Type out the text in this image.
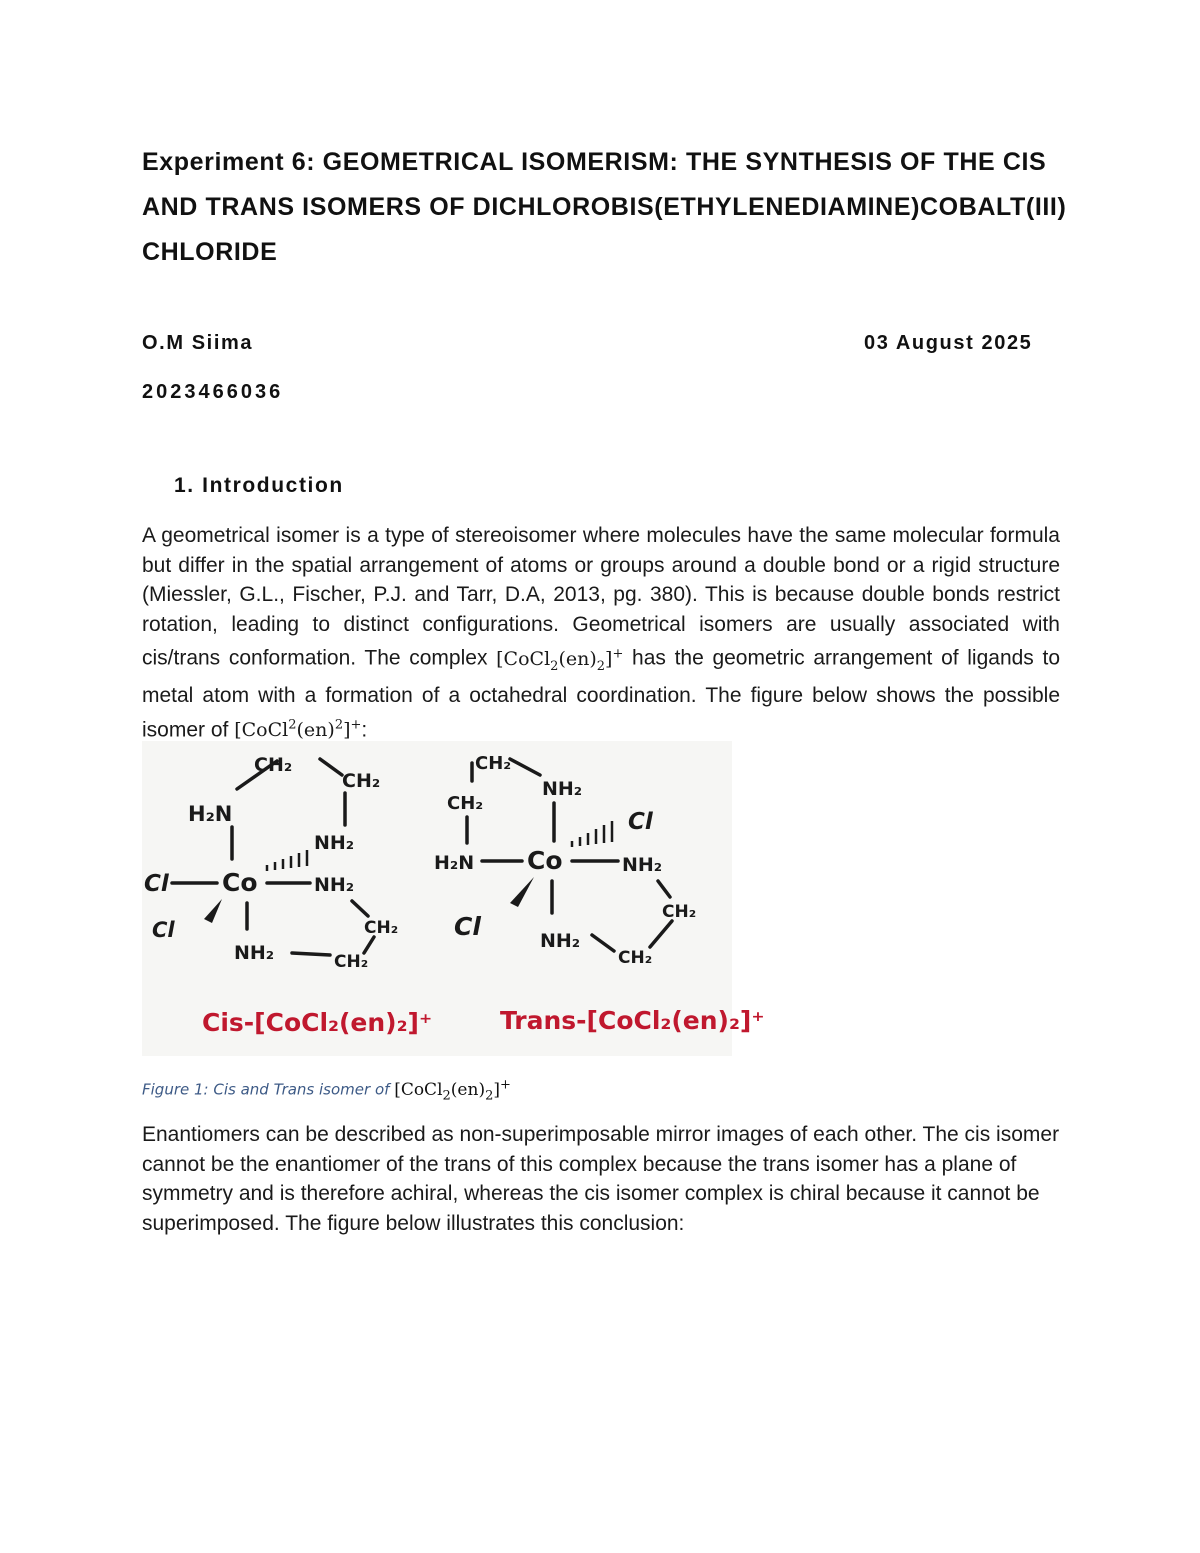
Experiment 6: GEOMETRICAL ISOMERISM: THE SYNTHESIS OF THE CIS AND TRANS ISOMERS OF DICHLOROBIS(ETHYLENEDIAMINE)COBALT(III) CHLORIDE
O.M Siima	03 August 2025
2023466036
1. Introduction

A geometrical isomer is a type of stereoisomer where molecules have the same molecular formula but differ in the spatial arrangement of atoms or groups around a double bond or a rigid structure (Miessler, G.L., Fischer, P.J. and Tarr, D.A, 2013, pg. 380). This is because double bonds restrict rotation, leading to distinct configurations. Geometrical isomers are usually associated with cis/trans conformation. The complex $[CoCl_2(en)_2]^+$ has the geometric arrangement of ligands to metal atom with a formation of a octahedral coordination. The figure below shows the possible isomer of [CoCl$^2$(en)$^2$]+:

CH₂
CH₂
H₂N
NH₂
Cl Co	NH₂
Cl	CH₂
NH₂	CH₂
Cis-[CoCl₂(en)₂]⁺
CH₂
NH₂
CH₂
Cl
H₂N Co	NH₂
CH₂
Cl	NH₂
CH₂
Trans-[CoCl₂(en)₂]⁺
Figure 1: Cis and Trans isomer of $[CoCl_2(en)_2]^+$

Enantiomers can be described as non-superimposable mirror images of each other. The cis isomer cannot be the enantiomer of the trans of this complex because the trans isomer has a plane of symmetry and is therefore achiral, whereas the cis isomer complex is chiral because it cannot be superimposed. The figure below illustrates this conclusion:
